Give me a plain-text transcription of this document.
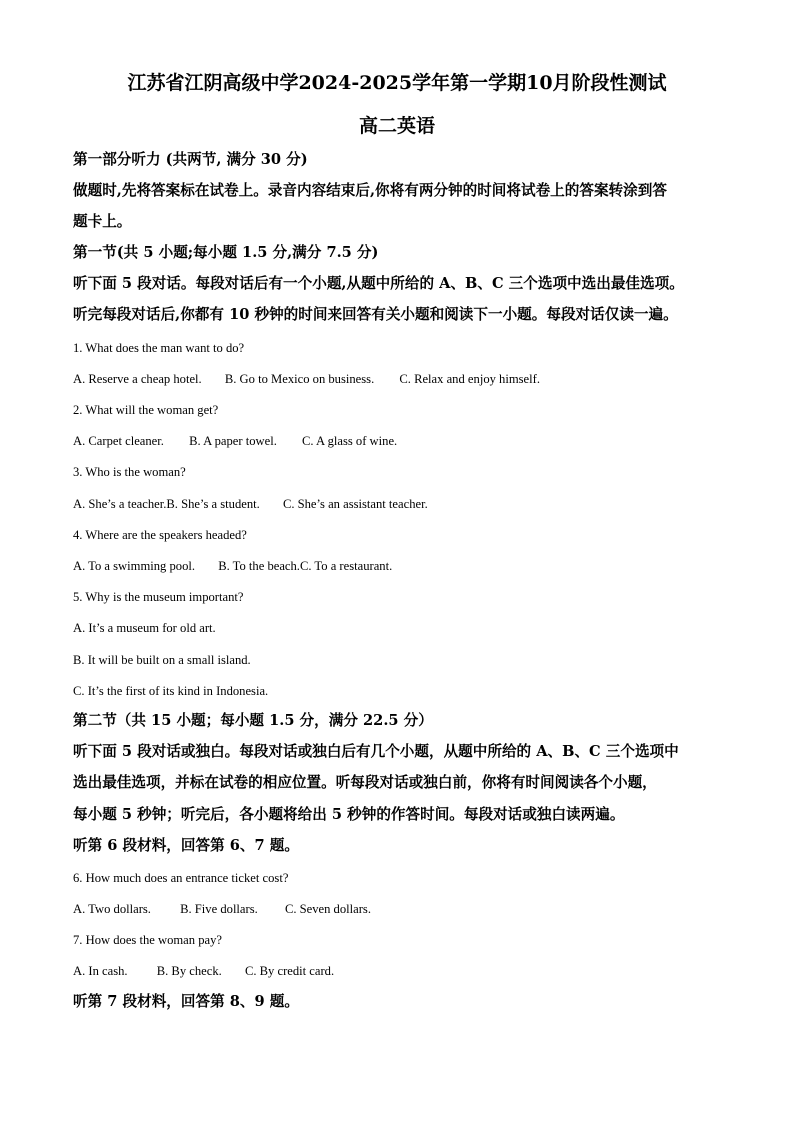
江苏省江阴高级中学2024-2025学年第一学期10月阶段性测试
高二英语
第一部分听力 (共两节, 满分 30 分)
做题时,先将答案标在试卷上。录音内容结束后,你将有两分钟的时间将试卷上的答案转涂到答
题卡上。
第一节(共 5 小题;每小题 1.5 分,满分 7.5 分)
听下面 5 段对话。每段对话后有一个小题,从题中所给的 A、B、C 三个选项中选出最佳选项。
听完每段对话后,你都有 10 秒钟的时间来回答有关小题和阅读下一小题。每段对话仅读一遍。
1. What does the man want to do?
A. Reserve a cheap hotel. B. Go to Mexico on business. C. Relax and enjoy himself.
2. What will the woman get?
A. Carpet cleaner. B. A paper towel. C. A glass of wine.
3. Who is the woman?
A. She’s a teacher.B. She’s a student. C. She’s an assistant teacher.
4. Where are the speakers headed?
A. To a swimming pool. B. To the beach.C. To a restaurant.
5. Why is the museum important?
A. It’s a museum for old art.
B. It will be built on a small island.
C. It’s the first of its kind in Indonesia.
第二节（共 15 小题；每小题 1.5 分，满分 22.5 分）
听下面 5 段对话或独白。每段对话或独白后有几个小题，从题中所给的 A、B、C 三个选项中
选出最佳选项，并标在试卷的相应位置。听每段对话或独白前，你将有时间阅读各个小题，
每小题 5 秒钟；听完后，各小题将给出 5 秒钟的作答时间。每段对话或独白读两遍。
听第 6 段材料，回答第 6、7 题。
6. How much does an entrance ticket cost?
A. Two dollars. B. Five dollars. C. Seven dollars.
7. How does the woman pay?
A. In cash. B. By check. C. By credit card.
听第 7 段材料，回答第 8、9 题。
